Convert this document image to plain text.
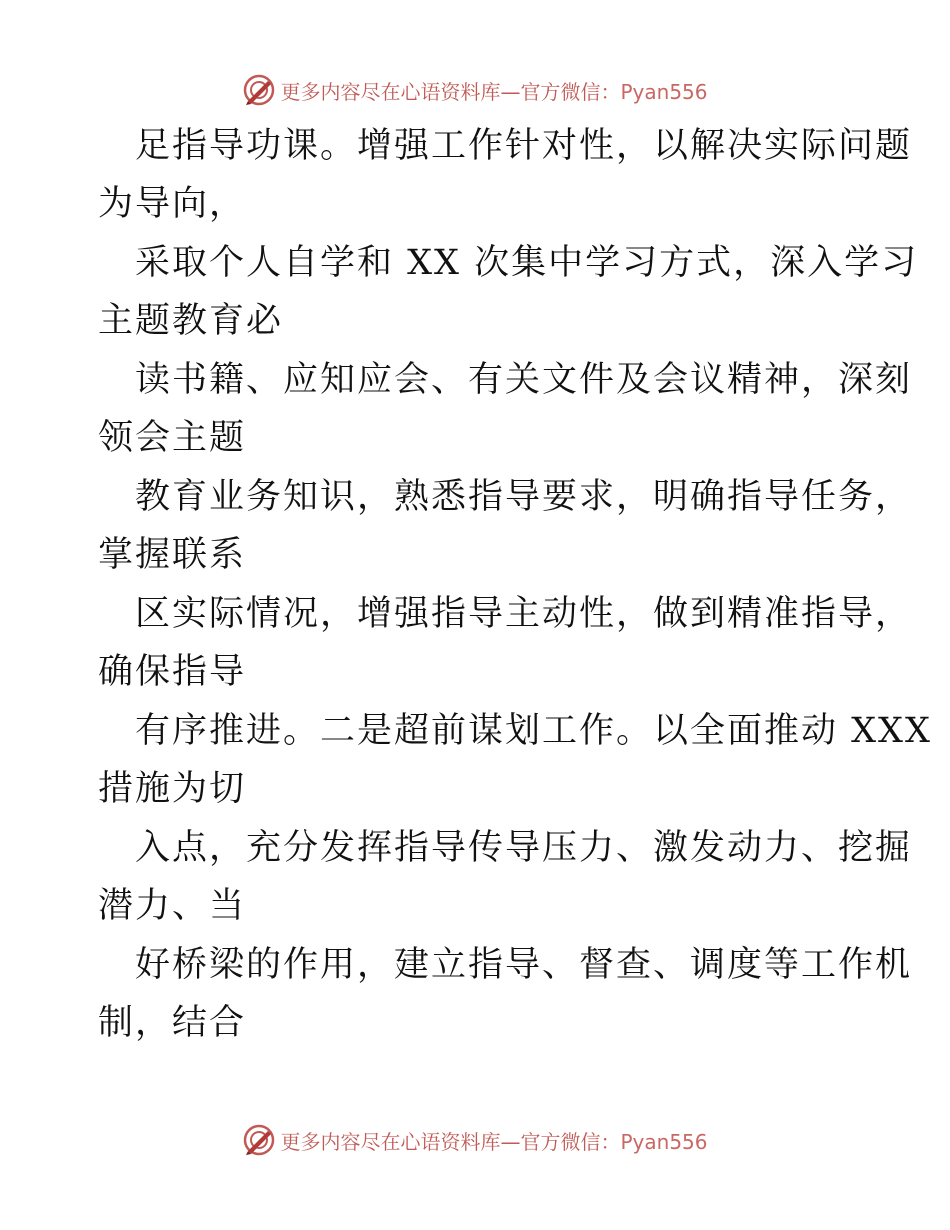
更多内容尽在心语资料库—官方微信：Pyan556
足指导功课。增强工作针对性，以解决实际问题
为导向，
采取个人自学和 XX 次集中学习方式，深入学习
主题教育必
读书籍、应知应会、有关文件及会议精神，深刻
领会主题
教育业务知识，熟悉指导要求，明确指导任务，
掌握联系
区实际情况，增强指导主动性，做到精准指导，
确保指导
有序推进。二是超前谋划工作。以全面推动 XXX
措施为切
入点，充分发挥指导传导压力、激发动力、挖掘
潜力、当
好桥梁的作用，建立指导、督查、调度等工作机
制，结合
更多内容尽在心语资料库—官方微信：Pyan556
